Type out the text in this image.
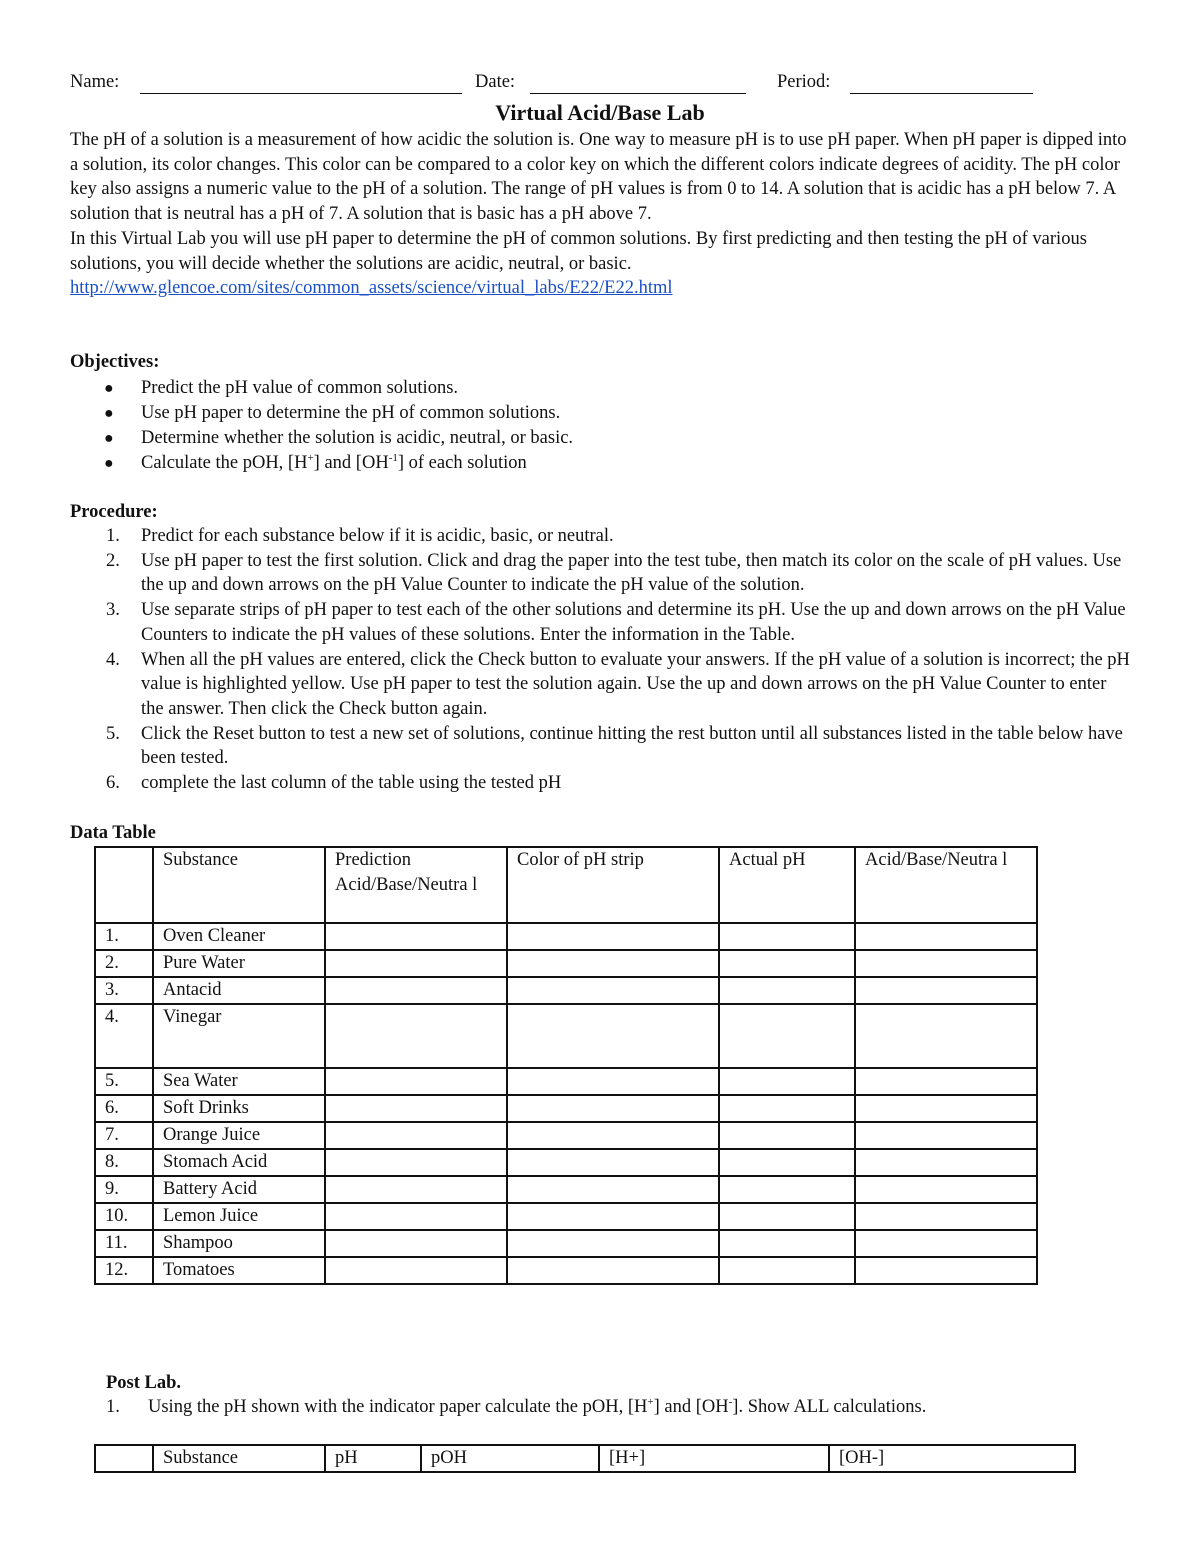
Name:	Date:	Period:
Virtual Acid/Base Lab

The pH of a solution is a measurement of how acidic the solution is. One way to measure pH is to use pH paper. When pH paper is dipped into a solution, its color changes. This color can be compared to a color key on which the different colors indicate degrees of acidity. The pH color key also assigns a numeric value to the pH of a solution. The range of pH values is from 0 to 14. A solution that is acidic has a pH below 7. A solution that is neutral has a pH of 7. A solution that is basic has a pH above 7.

In this Virtual Lab you will use pH paper to determine the pH of common solutions. By first predicting and then testing the pH of various solutions, you will decide whether the solutions are acidic, neutral, or basic.

http://www.glencoe.com/sites/common_assets/science/virtual_labs/E22/E22.html

Objectives:
● Predict the pH value of common solutions.
● Use pH paper to determine the pH of common solutions.
● Determine whether the solution is acidic, neutral, or basic.
● Calculate the pOH, [H+] and $[OH^{-1}]$ of each solution
Procedure:
1. Predict for each substance below if it is acidic, basic, or neutral.
2. Use pH paper to test the first solution. Click and drag the paper into the test tube, then match its color on the scale of pH values. Use the up and down arrows on the pH Value Counter to indicate the pH value of the solution.
3. Use separate strips of pH paper to test each of the other solutions and determine its pH. Use the up and down arrows on the pH Value Counters to indicate the pH values of these solutions. Enter the information in the Table.
4. When all the pH values are entered, click the Check button to evaluate your answers. If the pH value of a solution is incorrect; the pH value is highlighted yellow. Use pH paper to test the solution again. Use the up and down arrows on the pH Value Counter to enter the answer. Then click the Check button again.
5. Click the Reset button to test a new set of solutions, continue hitting the rest button until all substances listed in the table below have been tested.
6. complete the last column of the table using the tested pH
Data Table
	Substance	Prediction Acid/Base/Neutra l	Color of pH strip	Actual pH	Acid/Base/Neutra l
1.	Oven Cleaner				
2.	Pure Water				
3.	Antacid				
4.	Vinegar				
5.	Sea Water				
6.	Soft Drinks				
7.	Orange Juice				
8.	Stomach Acid				
9.	Battery Acid				
10.	Lemon Juice				
11.	Shampoo				
12.	Tomatoes				
Post Lab.
1. Using the pH shown with the indicator paper calculate the pOH, [H+] and [OH-]. Show ALL calculations.
	Substance	pH	pOH	[H+]	[OH-]
